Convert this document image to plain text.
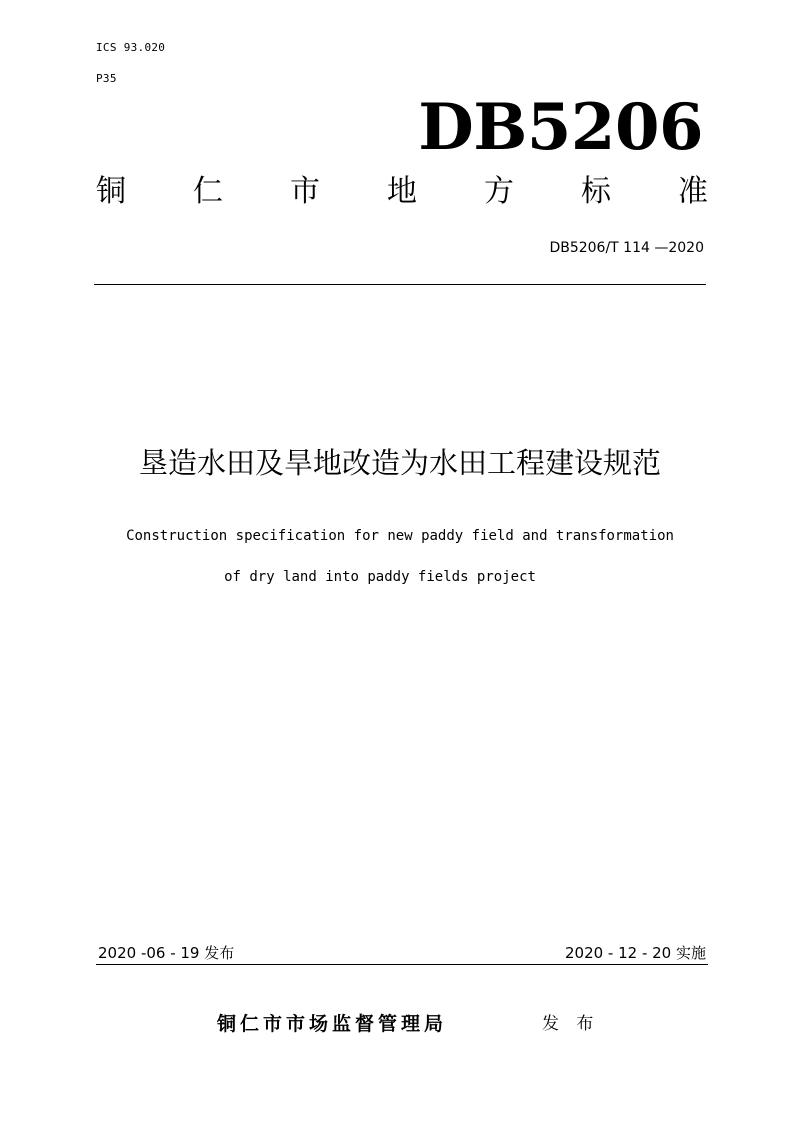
ICS 93.020
P35
DB5206
铜 仁 市 地 方 标 准
DB5206/T 114 —2020
垦造水田及旱地改造为水田工程建设规范
Construction specification for new paddy field and transformation
of dry land into paddy fields project
2020 -06 - 19 发布	2020 - 12 - 20 实施
铜仁市市场监督管理局	发 布
